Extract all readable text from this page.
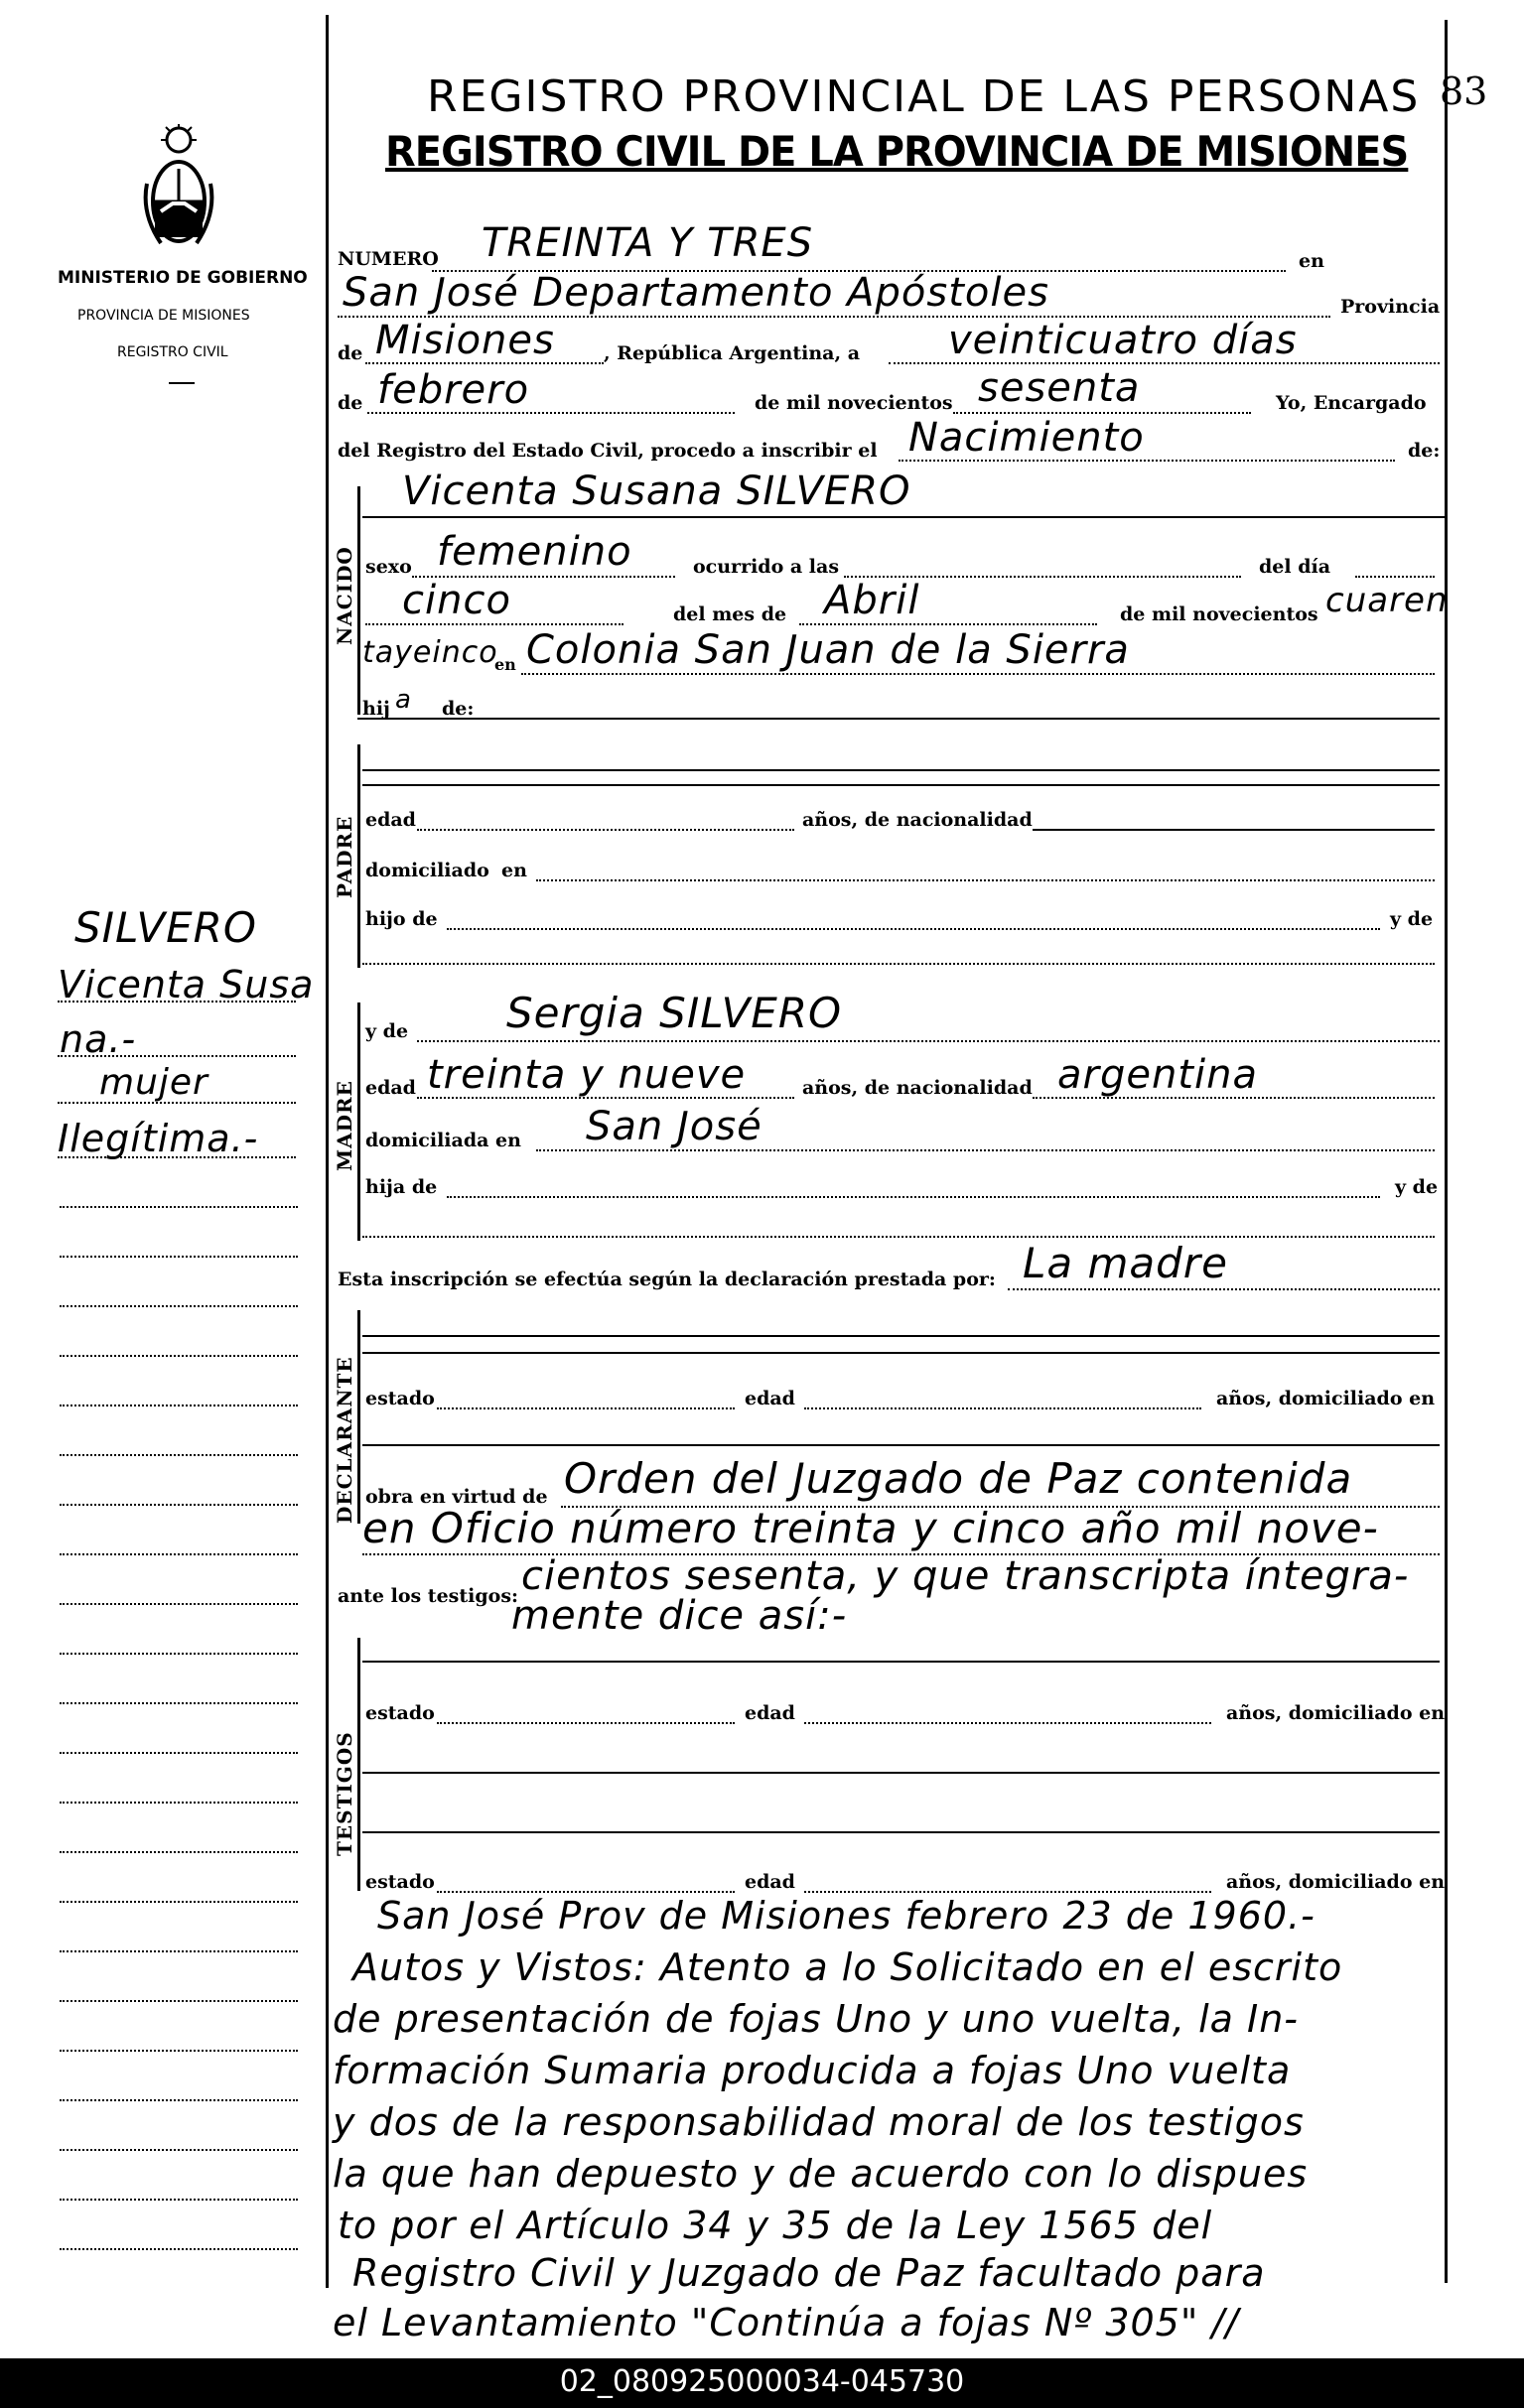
83
MINISTERIO DE GOBIERNO
PROVINCIA DE MISIONES
REGISTRO CIVIL
SILVERO
Vicenta Susa
na.-
mujer
Ilegítima.-
REGISTRO PROVINCIAL DE LAS PERSONAS
REGISTRO CIVIL DE LA PROVINCIA DE MISIONES
NUMERO TREINTA Y TRES	en
San José Departamento Apóstoles	Provincia
de Misiones	, República Argentina, a veinticuatro días
de febrero	de mil novecientos sesenta	Yo, Encargado
del Registro del Estado Civil, procedo a inscribir el Nacimiento	de:
NACIDO
Vicenta Susana SILVERO
sexo femenino	ocurrido a las	del día
cinco	del mes de Abril	de mil novecientos cuaren
tayeinco
en Colonia San Juan de la Sierra
hij a de:
PADRE edad	años, de nacionalidad
domiciliado en
hijo de	y de
MADRE
y de Sergia SILVERO
edad treinta y nueve	años, de nacionalidad argentina
domiciliada en San José
hija de	y de
Esta inscripción se efectúa según la declaración prestada por: La madre
DECLARANTE estado	edad	años, domiciliado en
obra en virtud de Orden del Juzgado de Paz contenida
en Oficio número treinta y cinco año mil nove-
ante los testigos: cientos sesenta, y que transcripta íntegra-
mente dice así:-
TESTIGOS
estado	edad	años, domiciliado en
estado	edad	años, domiciliado en
San José Prov de Misiones febrero 23 de 1960.-
Autos y Vistos: Atento a lo Solicitado en el escrito
de presentación de fojas Uno y uno vuelta, la In-
formación Sumaria producida a fojas Uno vuelta
y dos de la responsabilidad moral de los testigos
la que han depuesto y de acuerdo con lo dispues
to por el Artículo 34 y 35 de la Ley 1565 del
Registro Civil y Juzgado de Paz facultado para
el Levantamiento "Continúa a fojas Nº 305" //
02_080925000034-045730
